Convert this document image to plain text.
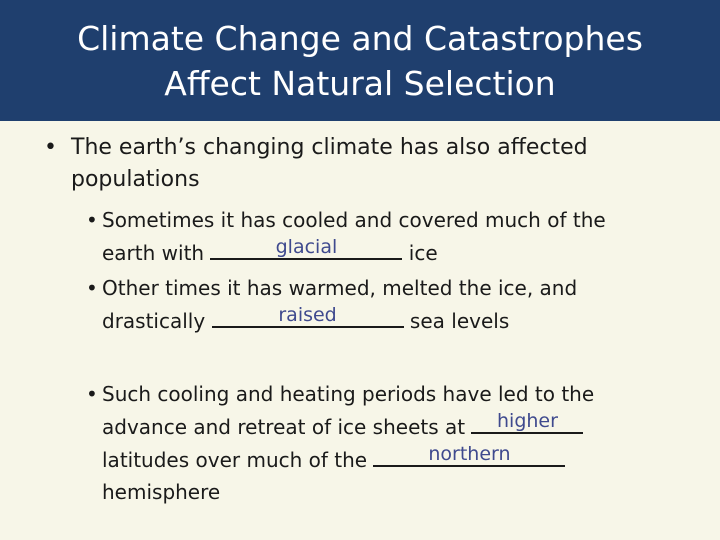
Climate Change and Catastrophes
Affect Natural Selection
• The earth’s changing climate has also affected
populations
• Sometimes it has cooled and covered much of the
earth with	glacial	ice
• Other times it has warmed, melted the ice, and
drastically	raised	sea levels
• Such cooling and heating periods have led to the
advance and retreat of ice sheets at	higher
latitudes over much of the	northern
hemisphere
